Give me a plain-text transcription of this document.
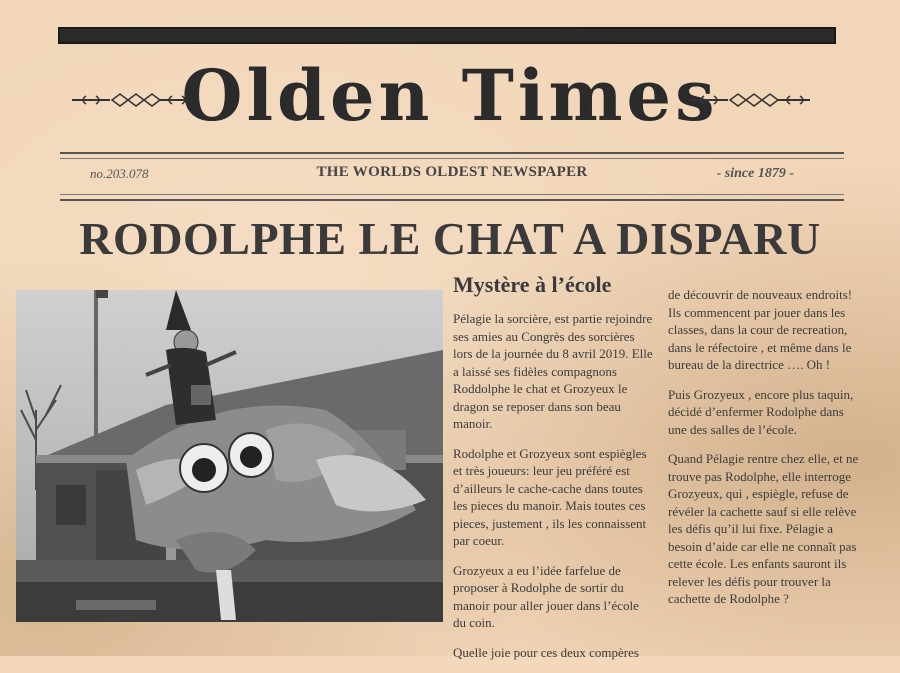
Olden Times
no.203.078	THE WORLDS OLDEST NEWSPAPER	- since 1879 -
RODOLPHE LE CHAT A DISPARU
Mystère à l’école

Pélagie la sorcière, est partie rejoindre ses amies au Congrès des sorcières lors de la journée du 8 avril 2019. Elle a laissé ses fidèles compagnons Roddolphe le chat et Grozyeux le dragon se reposer dans son beau manoir.

Rodolphe et Grozyeux sont espiègles et très joueurs: leur jeu préféré est d’ailleurs le cache-cache dans toutes les pieces du manoir. Mais toutes ces pieces, justement , ils les connaissent par coeur.

Grozyeux a eu l’idée farfelue de proposer à Rodolphe de sortir du manoir pour aller jouer dans l’école du coin.

Quelle joie pour ces deux compères

de découvrir de nouveaux endroits! Ils commencent par jouer dans les classes, dans la cour de recreation, dans le réfectoire , et même dans le bureau de la directrice …. Oh !

Puis Grozyeux , encore plus taquin, décidé d’enfermer Rodolphe dans une des salles de l’école.

Quand Pélagie rentre chez elle, et ne trouve pas Rodolphe, elle interroge Grozyeux, qui , espiègle, refuse de révéler la cachette sauf si elle relève les défis qu’il lui fixe. Pélagie a besoin d’aide car elle ne connaît pas cette école. Les enfants sauront ils relever les défis pour trouver la cachette de Rodolphe ?
